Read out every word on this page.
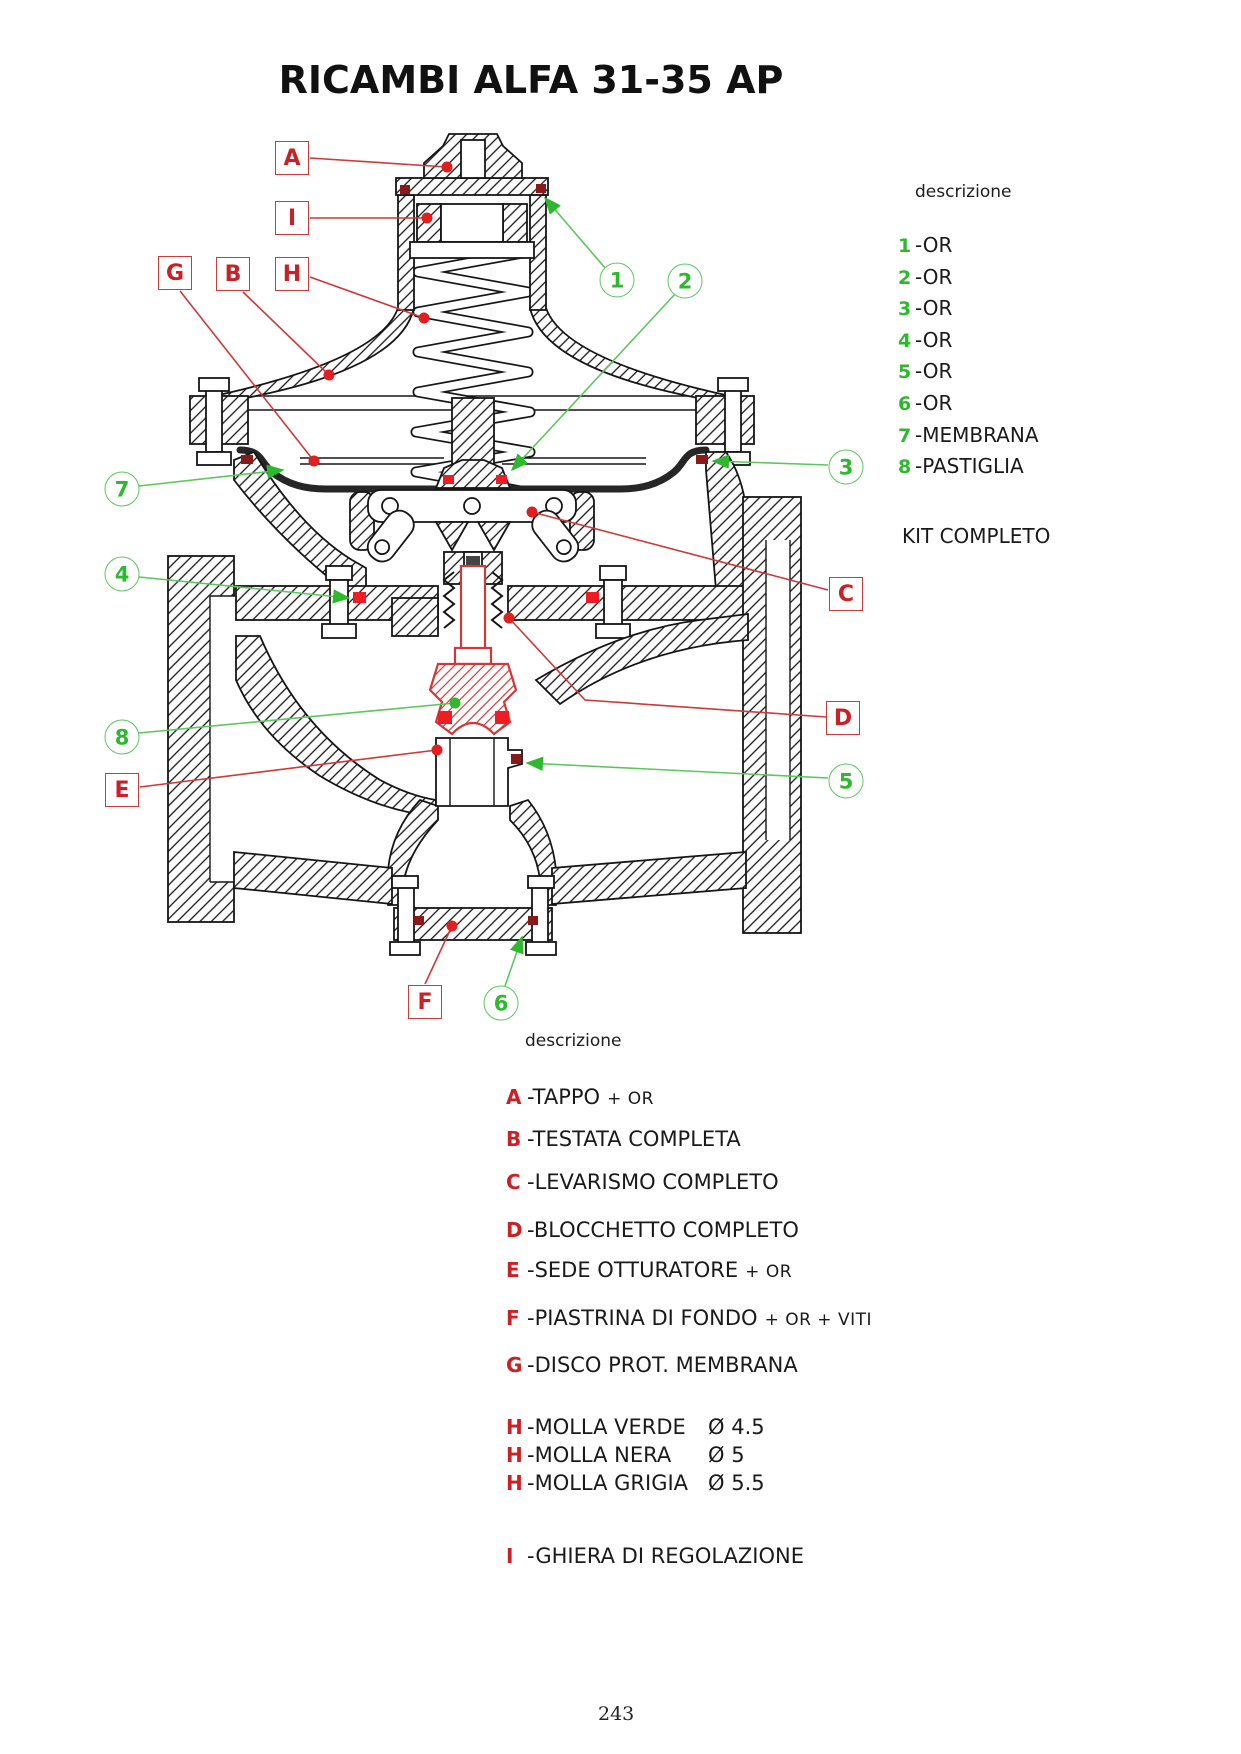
RICAMBI ALFA 31-35 AP
A
I
G B H
C
D
E
F
1	2
3
7
4
8
5
6
descrizione
1 -OR
2 -OR
3 -OR
4 -OR
5 -OR
6 -OR
7 -MEMBRANA
8 -PASTIGLIA
KIT COMPLETO
descrizione
A -TAPPO + OR
B -TESTATA COMPLETA
C -LEVARISMO COMPLETO
D -BLOCCHETTO COMPLETO
E -SEDE OTTURATORE + OR
F -PIASTRINA DI FONDO + OR + VITI
G -DISCO PROT. MEMBRANA
H -MOLLA VERDE Ø 4.5
H -MOLLA NERA Ø 5
H -MOLLA GRIGIA Ø 5.5
I -GHIERA DI REGOLAZIONE
243
